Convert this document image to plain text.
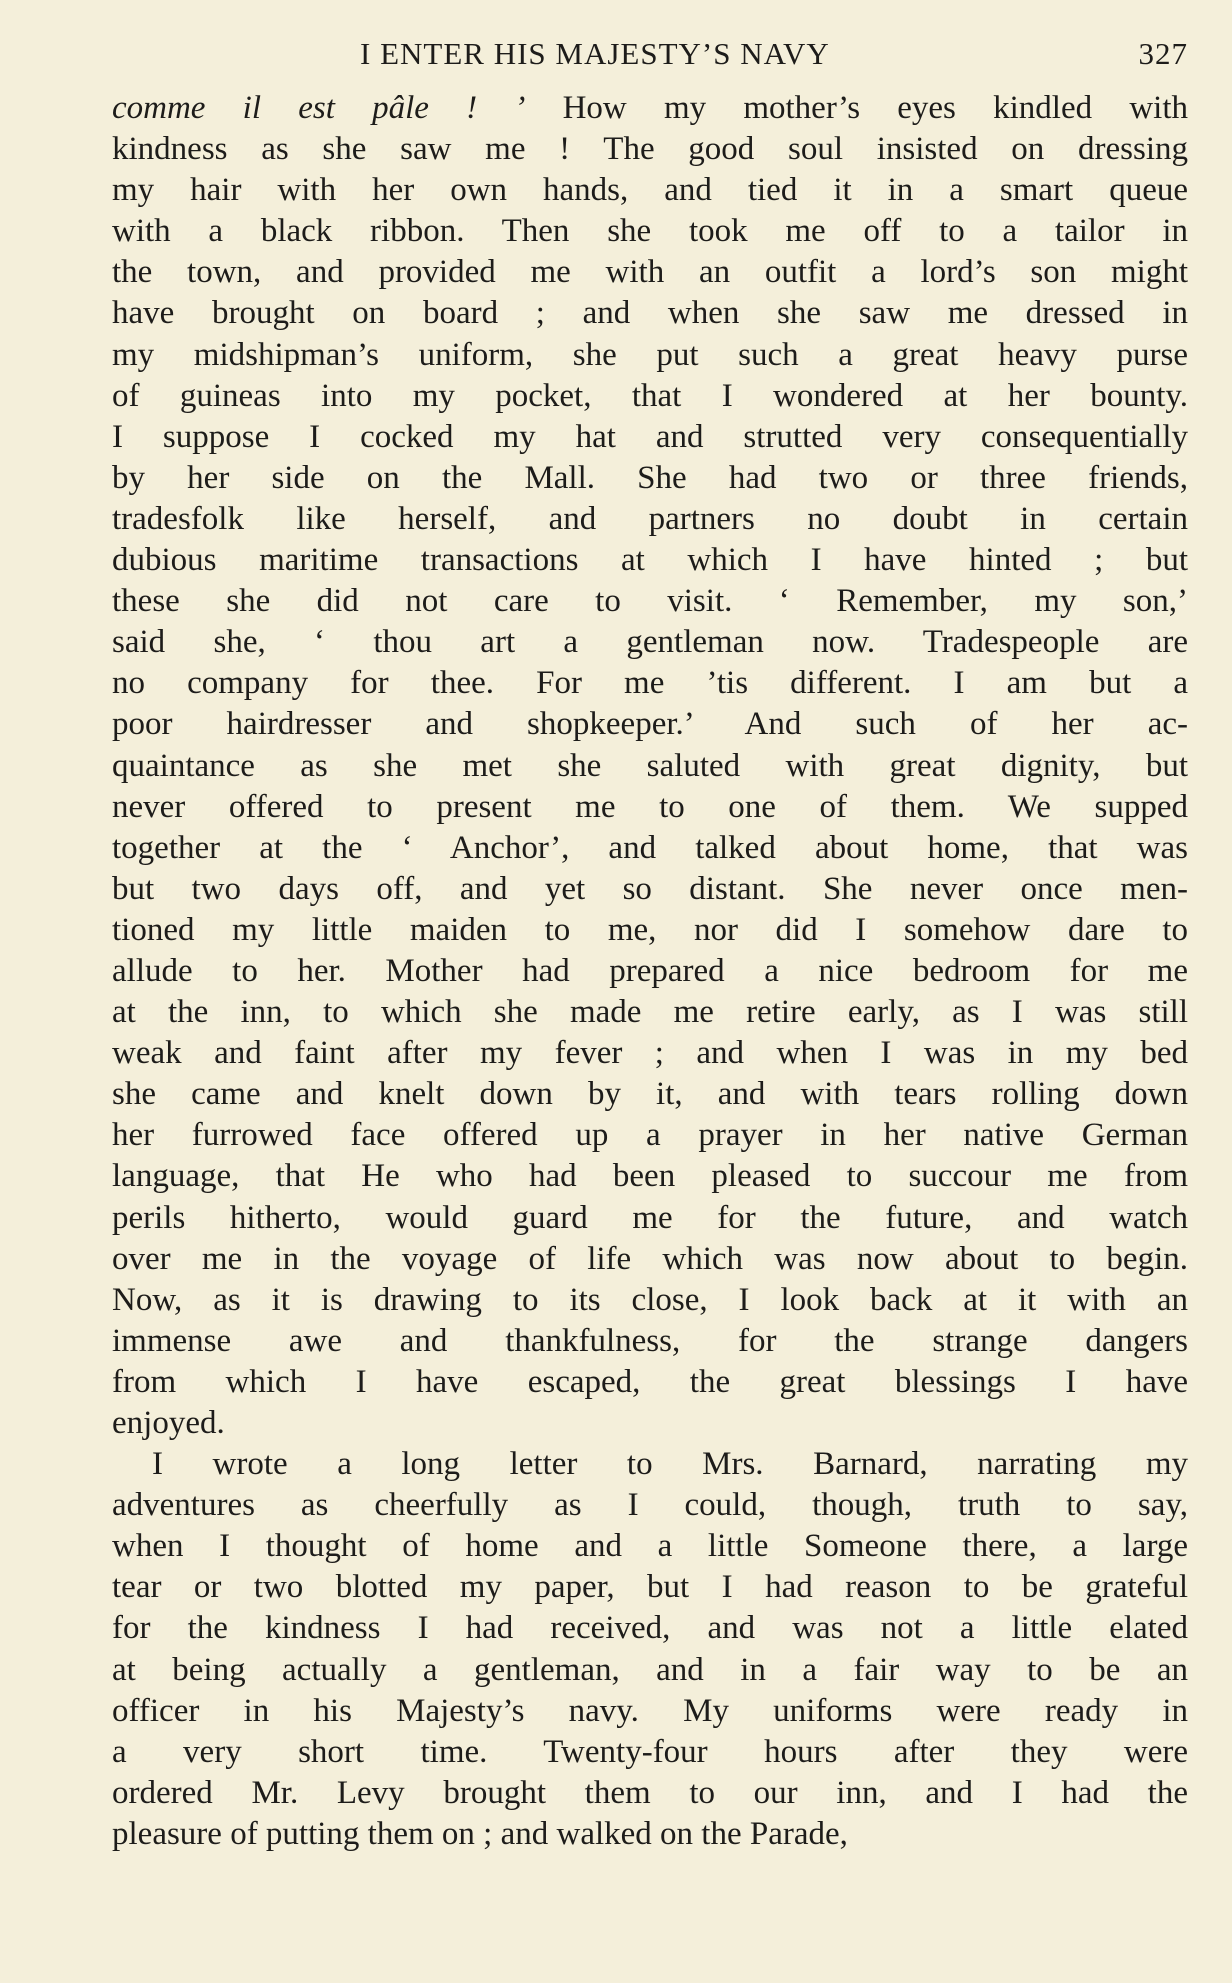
I ENTER HIS MAJESTY’S NAVY	327
comme il est pâle ! ’ How my mother’s eyes kindled with
kindness as she saw me ! The good soul insisted on dressing
my hair with her own hands, and tied it in a smart queue
with a black ribbon. Then she took me off to a tailor in
the town, and provided me with an outfit a lord’s son might
have brought on board ; and when she saw me dressed in
my midshipman’s uniform, she put such a great heavy purse
of guineas into my pocket, that I wondered at her bounty.
I suppose I cocked my hat and strutted very consequentially
by her side on the Mall. She had two or three friends,
tradesfolk like herself, and partners no doubt in certain
dubious maritime transactions at which I have hinted ; but
these she did not care to visit. ‘ Remember, my son,’
said she, ‘ thou art a gentleman now. Tradespeople are
no company for thee. For me ’tis different. I am but a
poor hairdresser and shopkeeper.’ And such of her ac-
quaintance as she met she saluted with great dignity, but
never offered to present me to one of them. We supped
together at the ‘ Anchor’, and talked about home, that was
but two days off, and yet so distant. She never once men-
tioned my little maiden to me, nor did I somehow dare to
allude to her. Mother had prepared a nice bedroom for me
at the inn, to which she made me retire early, as I was still
weak and faint after my fever ; and when I was in my bed
she came and knelt down by it, and with tears rolling down
her furrowed face offered up a prayer in her native German
language, that He who had been pleased to succour me from
perils hitherto, would guard me for the future, and watch
over me in the voyage of life which was now about to begin.
Now, as it is drawing to its close, I look back at it with an
immense awe and thankfulness, for the strange dangers
from which I have escaped, the great blessings I have
enjoyed.
I wrote a long letter to Mrs. Barnard, narrating my
adventures as cheerfully as I could, though, truth to say,
when I thought of home and a little Someone there, a large
tear or two blotted my paper, but I had reason to be grateful
for the kindness I had received, and was not a little elated
at being actually a gentleman, and in a fair way to be an
officer in his Majesty’s navy. My uniforms were ready in
a very short time. Twenty-four hours after they were
ordered Mr. Levy brought them to our inn, and I had the
pleasure of putting them on ; and walked on the Parade,
